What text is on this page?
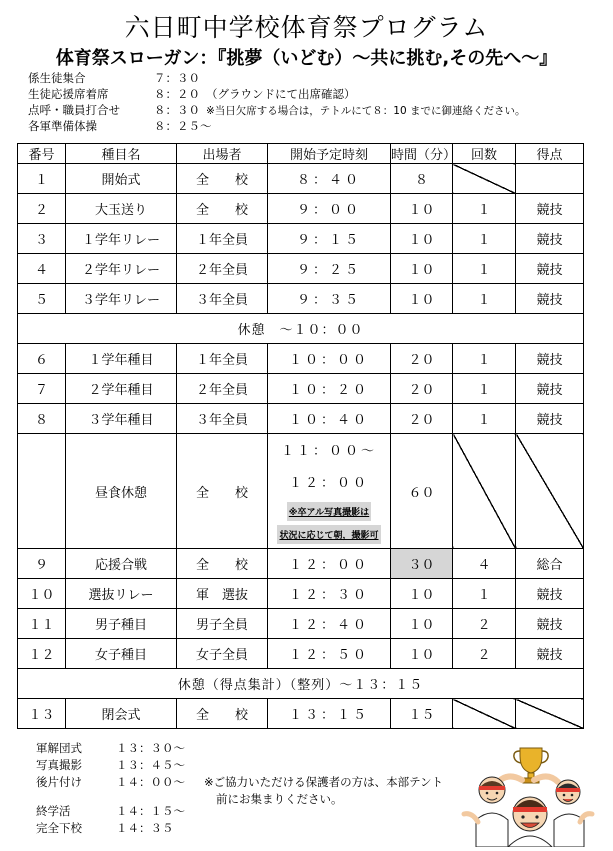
六日町中学校体育祭プログラム
体育祭スローガン：『挑夢（いどむ）～共に挑む,その先へ～』
係生徒集合	７：３０
生徒応援席着席	８：２０ （グラウンドにて出席確認）
点呼・職員打合せ	８：３０ ※当日欠席する場合は，テトルにて８：10 までに御連絡ください。
各軍準備体操	８：２５～
番号	種目名	出場者	開始予定時刻	時間（分）	回数	得点
１	開始式	全　　校	８：４０	８		
２	大玉送り	全　　校	９：００	１０	１	競技
３	１学年リレー	１年全員	９：１５	１０	１	競技
４	２学年リレー	２年全員	９：２５	１０	１	競技
５	３学年リレー	３年全員	９：３５	１０	１	競技
休憩　～１０：００						
６	１学年種目	１年全員	１０：００	２０	１	競技
７	２学年種目	２年全員	１０：２０	２０	１	競技
８	３学年種目	３年全員	１０：４０	２０	１	競技
	昼食休憩	全　　校	１１：００～
１２：００
※卒アル写真撮影は
状況に応じて朝，撮影可	６０		
９	応援合戦	全　　校	１２：００	３０	４	総合
１０	選抜リレー	軍　選抜	１２：３０	１０	１	競技
１１	男子種目	男子全員	１２：４０	１０	２	競技
１２	女子種目	女子全員	１２：５０	１０	２	競技
休憩（得点集計）（整列）～１３：１５						
１３	閉会式	全　　校	１３：１５	１５		
軍解団式	１３：３０～
写真撮影	１３：４５～
後片付け	１４：００～
終学活	１４：１５～
完全下校	１４：３５
※ご協力いただける保護者の方は、本部テント
前にお集まりください。
